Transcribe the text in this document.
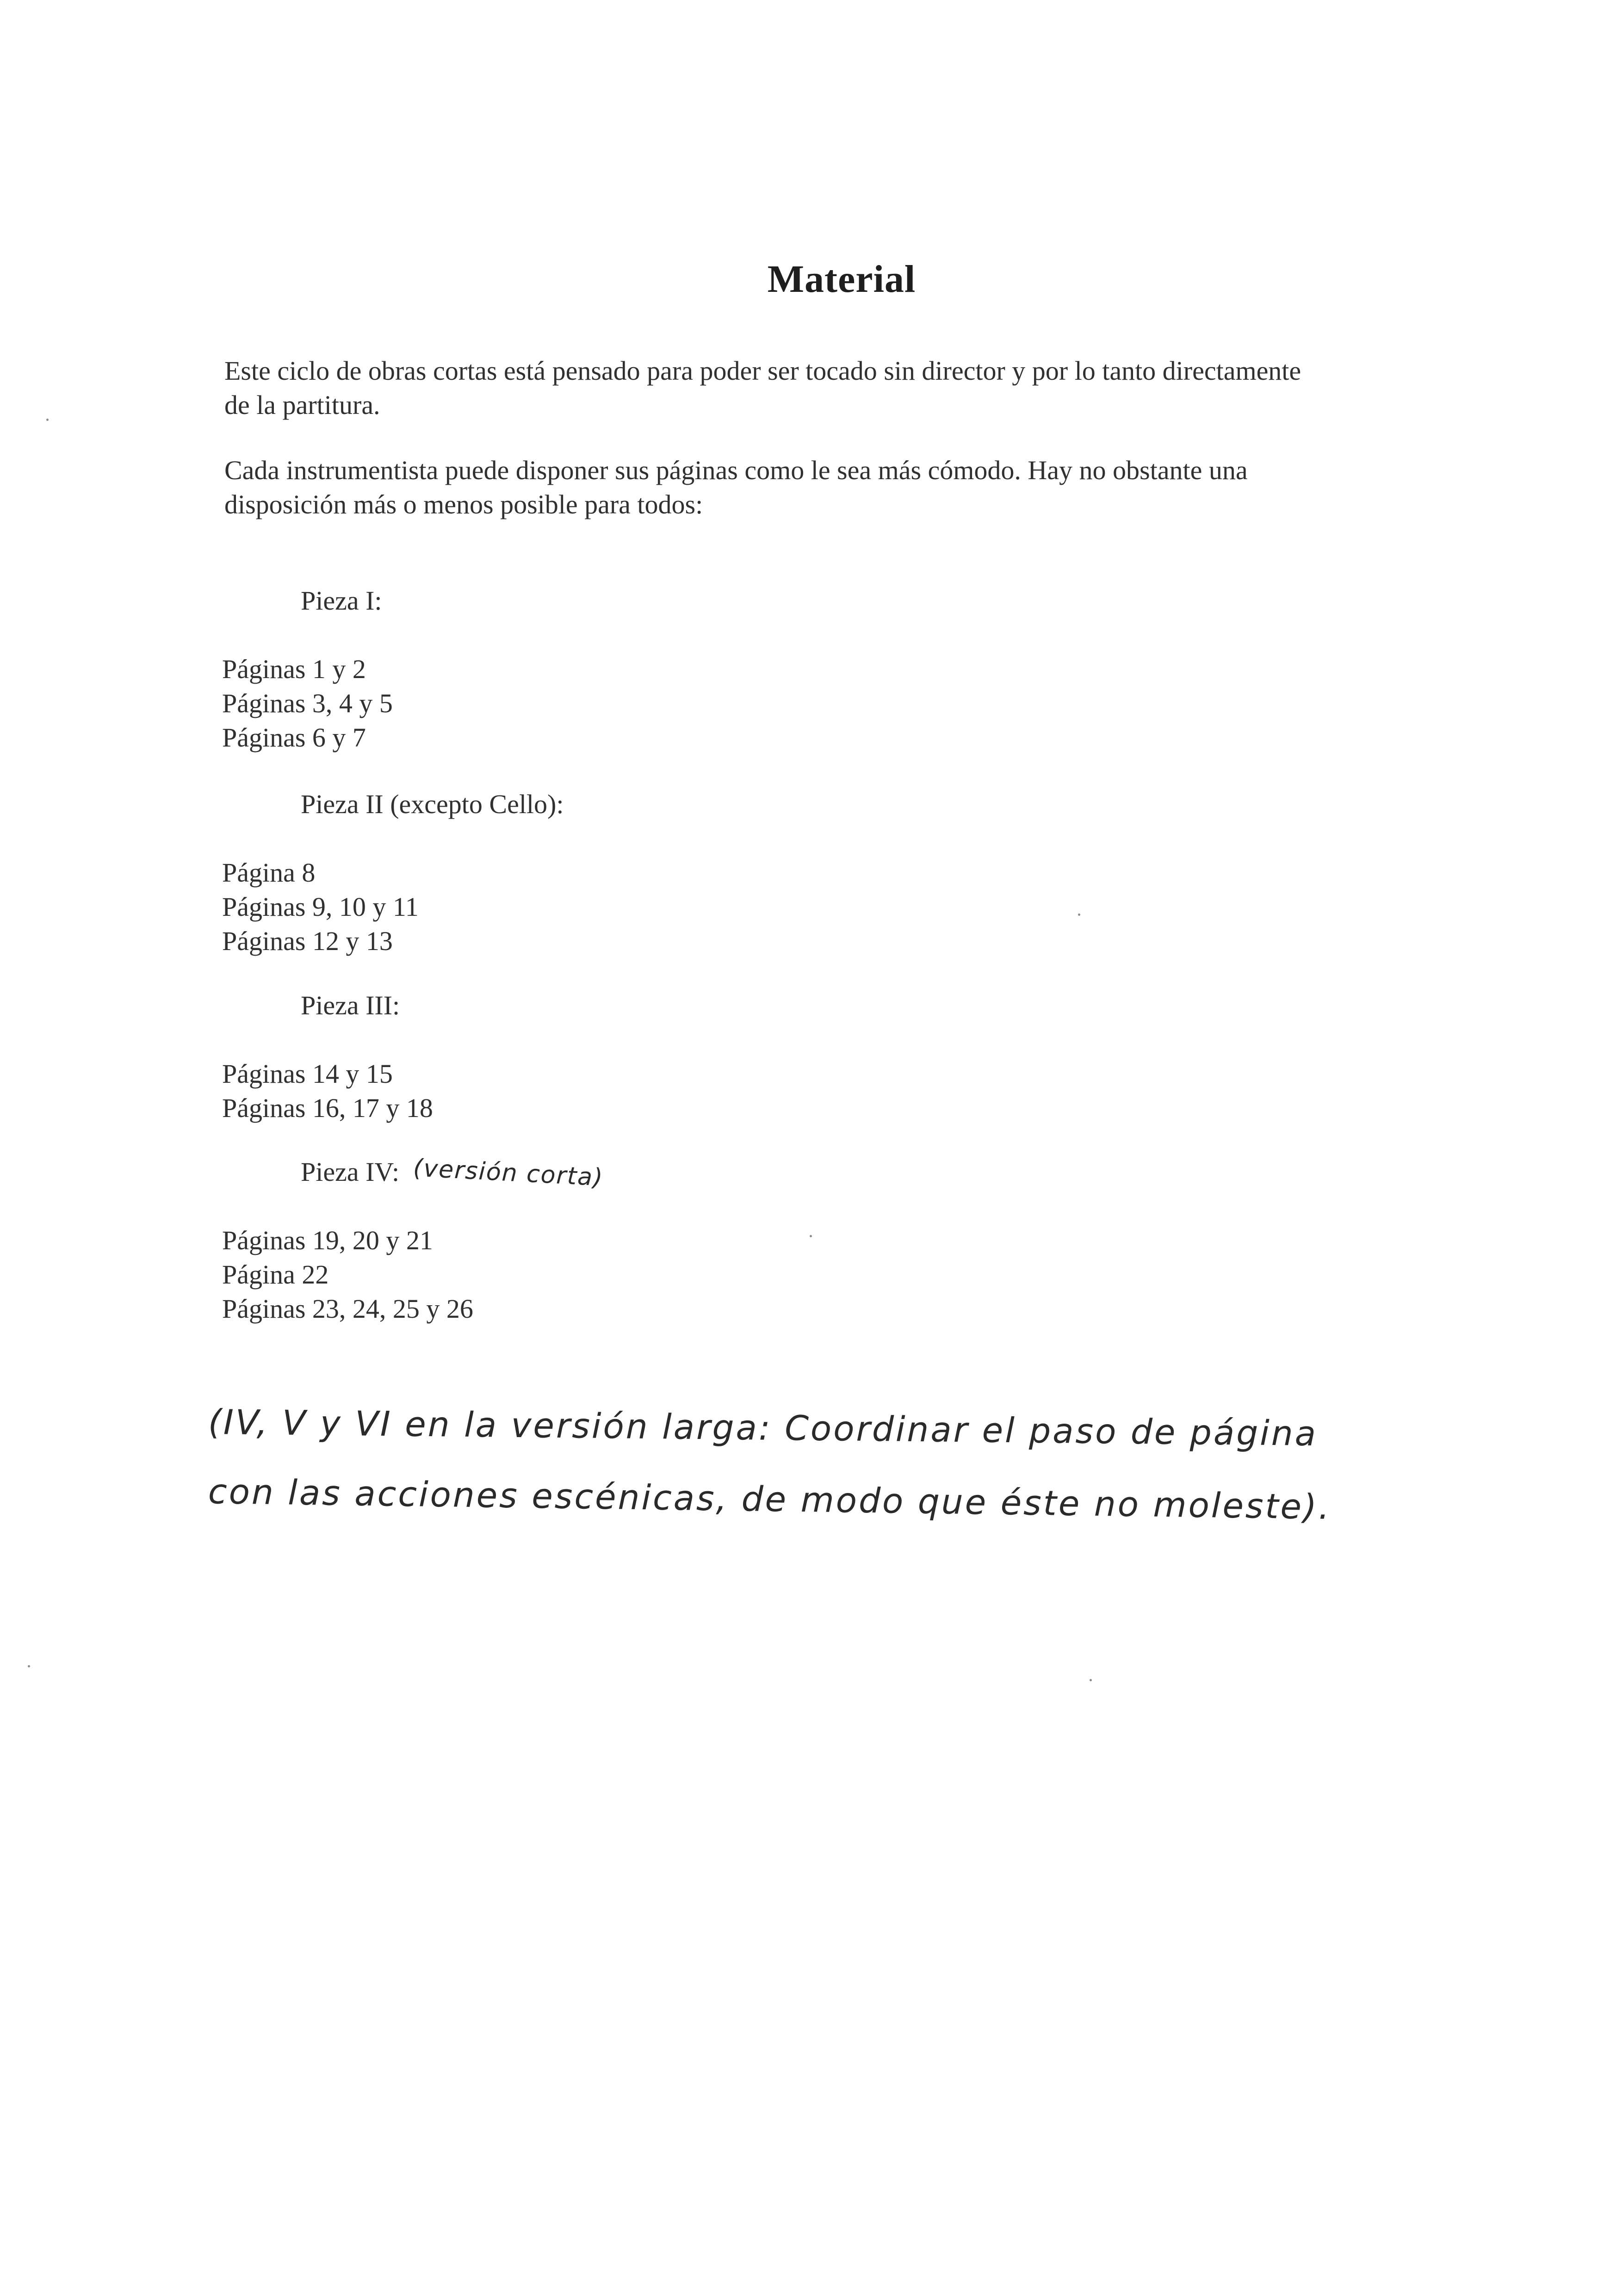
Material
Este ciclo de obras cortas está pensado para poder ser tocado sin director y por lo tanto directamente
de la partitura.
Cada instrumentista puede disponer sus páginas como le sea más cómodo. Hay no obstante una
disposición más o menos posible para todos:
Pieza I:
Páginas 1 y 2
Páginas 3, 4 y 5
Páginas 6 y 7
Pieza II (excepto Cello):
Página 8
Páginas 9, 10 y 11
Páginas 12 y 13
Pieza III:
Páginas 14 y 15
Páginas 16, 17 y 18
Pieza IV: (versión corta)
Páginas 19, 20 y 21
Página 22
Páginas 23, 24, 25 y 26
(IV, V y VI en la versión larga: Coordinar el paso de página
con las acciones escénicas, de modo que éste no moleste).
